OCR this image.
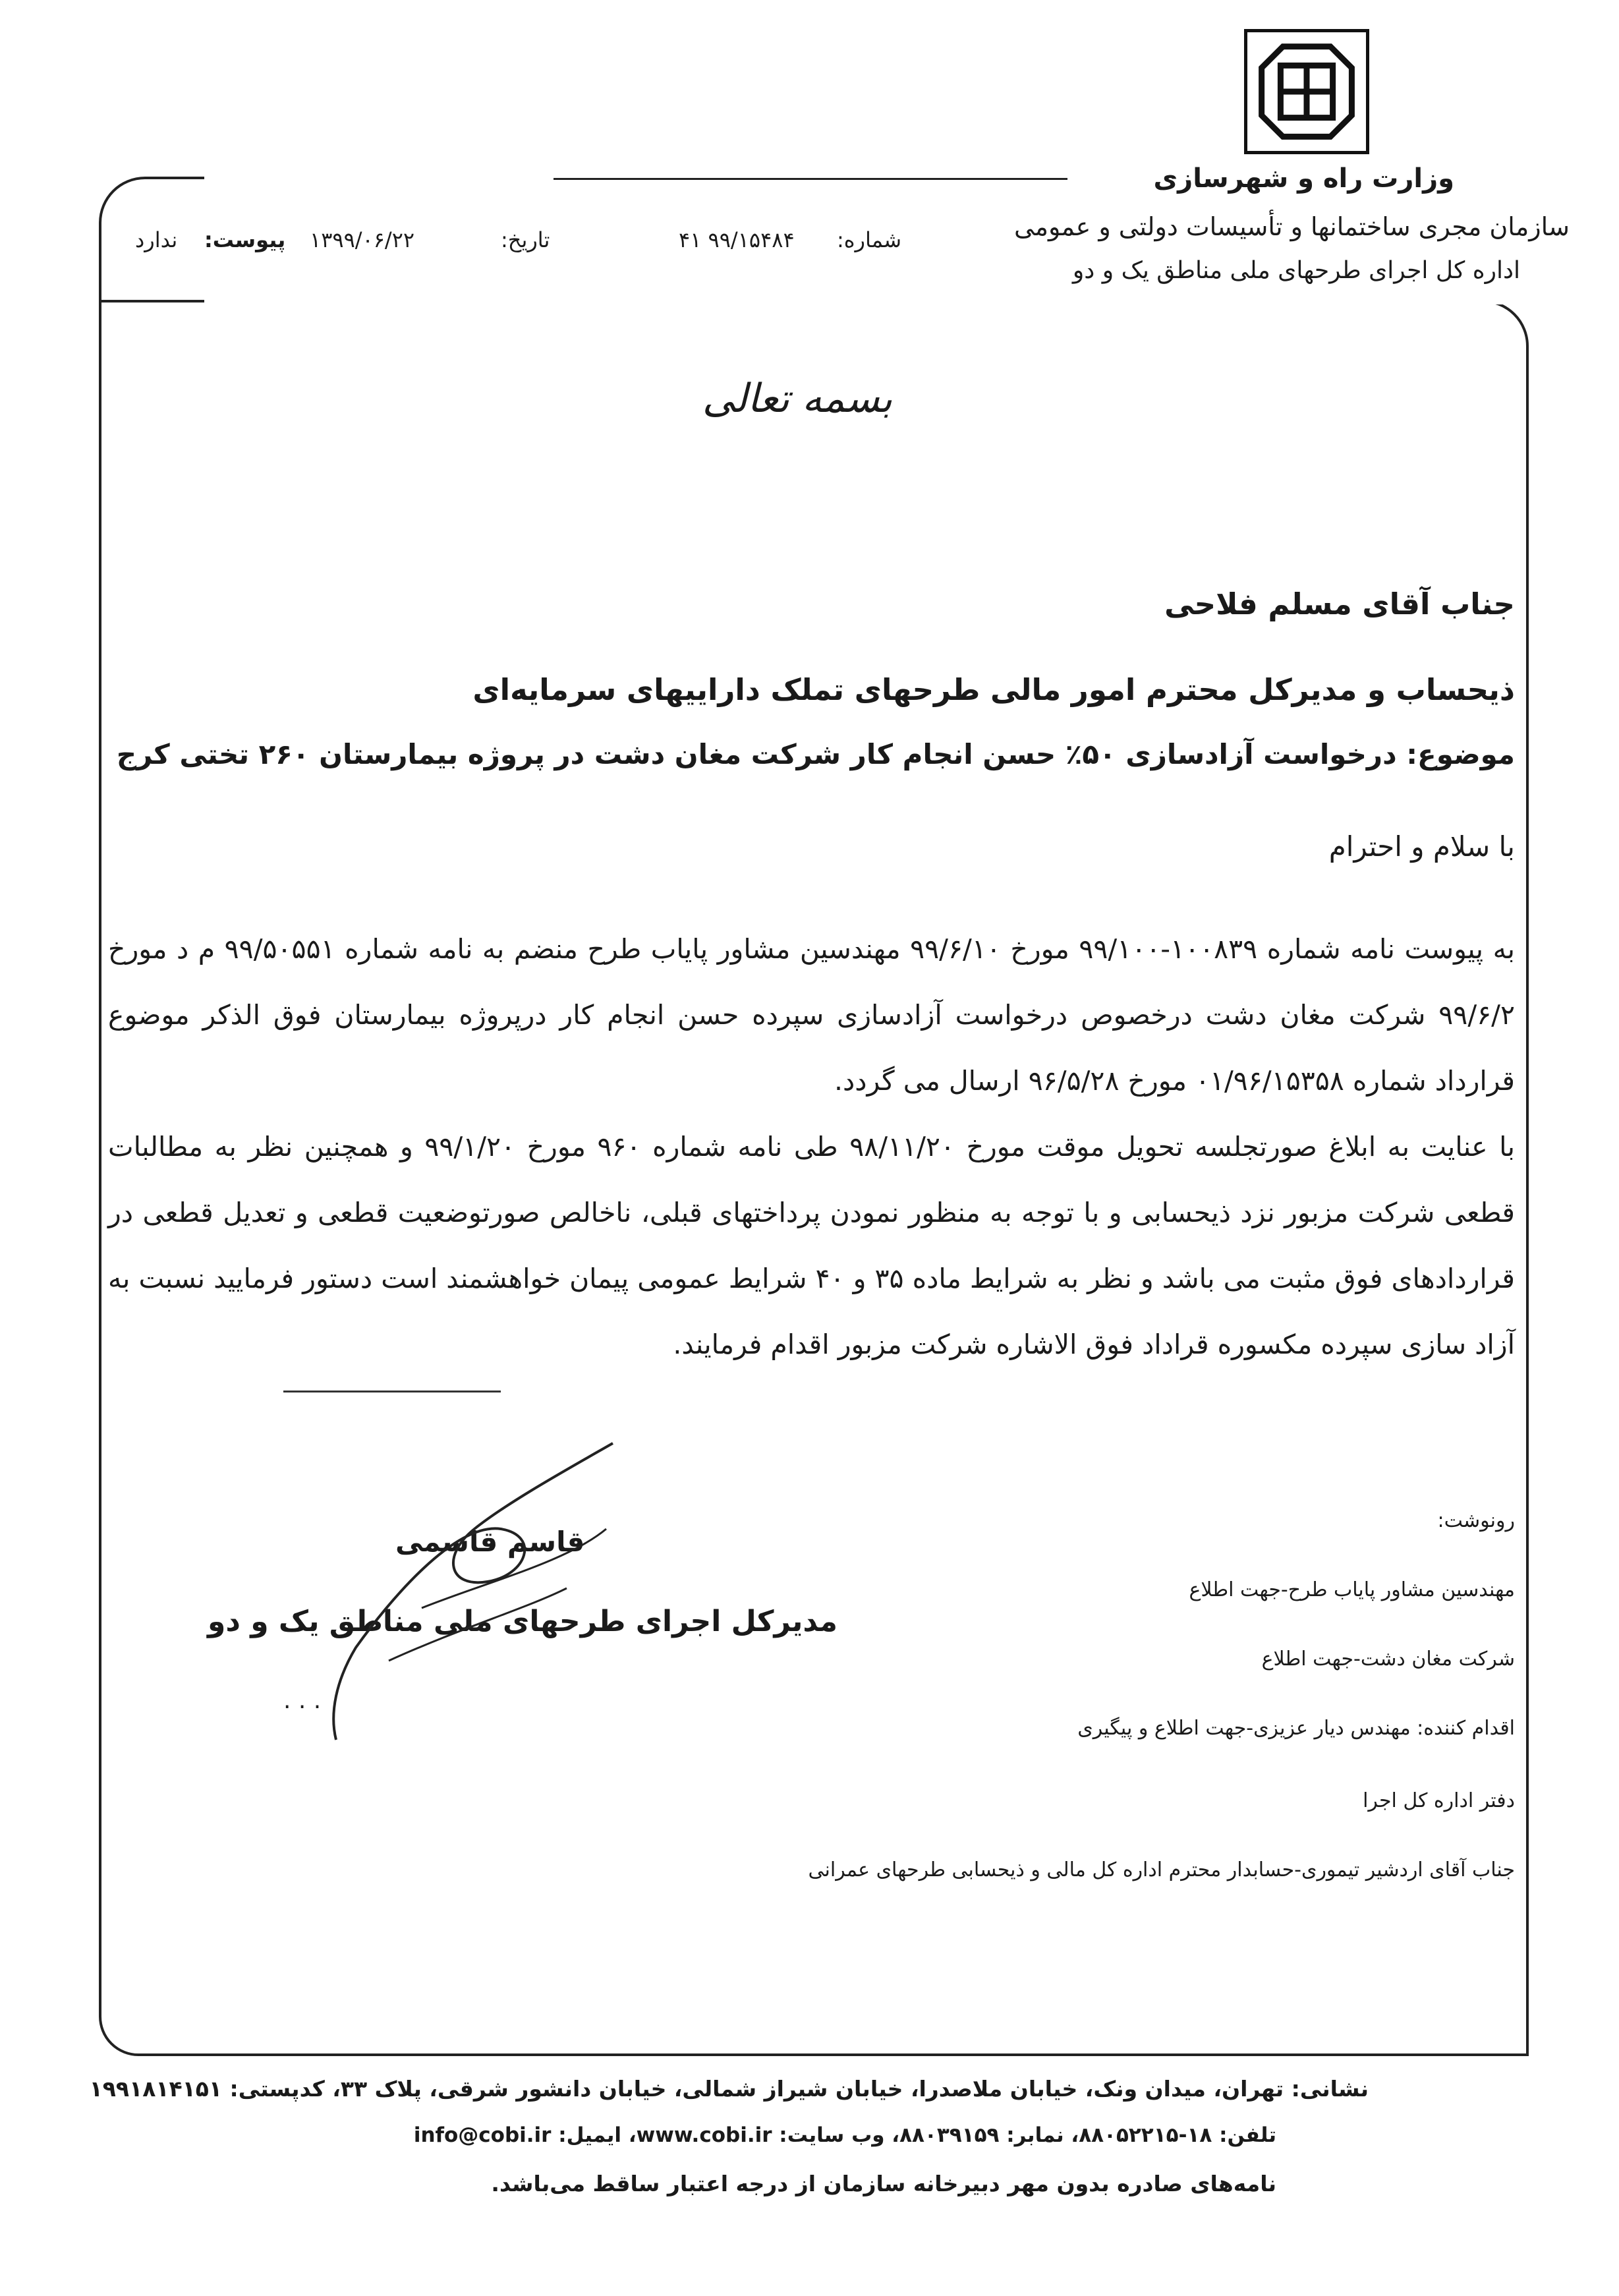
وزارت راه و شهرسازی
سازمان مجری ساختمانها و تأسیسات دولتی و عمومی
اداره کل اجرای طرحهای ملی مناطق یک و دو
شماره:
۴۱ ۹۹/۱۵۴۸۴
تاریخ:
۱۳۹۹/۰۶/۲۲
پیوست:
ندارد
بسمه تعالی
جناب آقای مسلم فلاحی
ذیحساب و مدیرکل محترم امور مالی طرحهای تملک داراییهای سرمایه‌ای
موضوع: درخواست آزادسازی ۵۰٪ حسن انجام کار شرکت مغان دشت در پروژه بیمارستان ۲۶۰ تختی کرج
با سلام و احترام
به پیوست نامه شماره ۱۰۰۸۳۹-۹۹/۱۰۰ مورخ ۹۹/۶/۱۰ مهندسین مشاور پایاب طرح منضم به نامه شماره ۹۹/۵۰۵۵۱ م د مورخ ۹۹/۶/۲ شرکت مغان دشت درخصوص درخواست آزادسازی سپرده حسن انجام کار درپروژه بیمارستان فوق الذکر موضوع قرارداد شماره ۰۱/۹۶/۱۵۳۵۸ مورخ ۹۶/۵/۲۸ ارسال می گردد.
با عنایت به ابلاغ صورتجلسه تحویل موقت مورخ ۹۸/۱۱/۲۰ طی نامه شماره ۹۶۰ مورخ ۹۹/۱/۲۰ و همچنین نظر به مطالبات قطعی شرکت مزبور نزد ذیحسابی و با توجه به منظور نمودن پرداختهای قبلی، ناخالص صورتوضعیت قطعی و تعدیل قطعی در قراردادهای فوق مثبت می باشد و نظر به شرایط ماده ۳۵ و ۴۰ شرایط عمومی پیمان خواهشمند است دستور فرمایید نسبت به آزاد سازی سپرده مکسوره قراداد فوق الاشاره شرکت مزبور اقدام فرمایند.
قاسم قاسمی
مدیرکل اجرای طرحهای ملی مناطق یک و دو
. . .
رونوشت:
مهندسین مشاور پایاب طرح-جهت اطلاع
شرکت مغان دشت-جهت اطلاع
اقدام کننده: مهندس دیار عزیزی-جهت اطلاع و پیگیری
دفتر اداره کل اجرا
جناب آقای اردشیر تیموری-حسابدار محترم اداره کل مالی و ذیحسابی طرحهای عمرانی
نشانی: تهران، میدان ونک، خیابان ملاصدرا، خیابان شیراز شمالی، خیابان دانشور شرقی، پلاک ۳۳، کدپستی: ۱۹۹۱۸۱۴۱۵۱
تلفن: ۱۸-۸۸۰۵۲۲۱۵، نمابر: ۸۸۰۳۹۱۵۹، وب سایت: www.cobi.ir، ایمیل: info@cobi.ir
نامه‌های صادره بدون مهر دبیرخانه سازمان از درجه اعتبار ساقط می‌باشد.
